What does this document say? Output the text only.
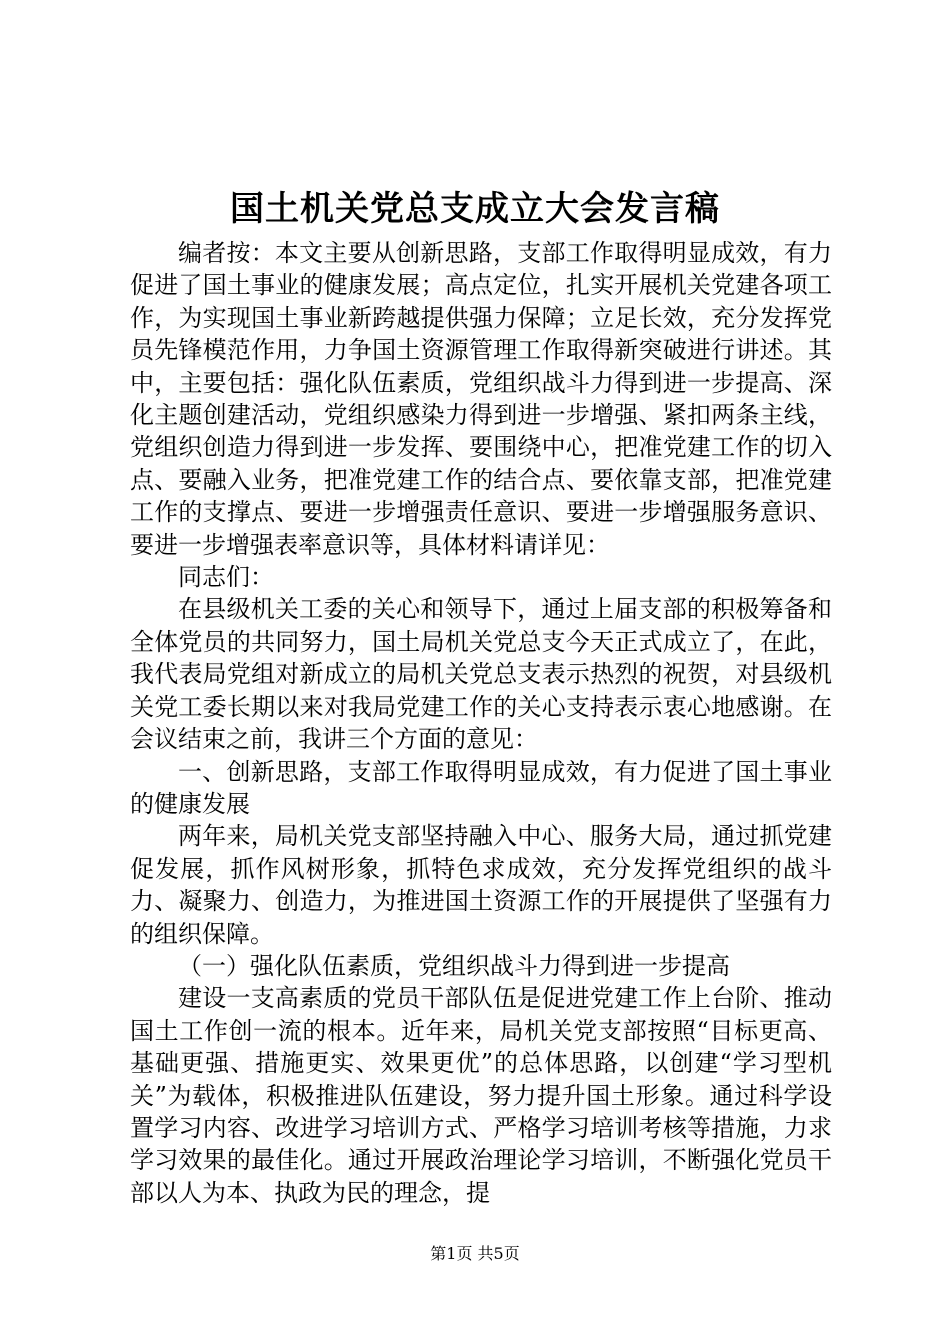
国土机关党总支成立大会发言稿

编者按：本文主要从创新思路，支部工作取得明显成效，有力促进了国土事业的健康发展；高点定位，扎实开展机关党建各项工作，为实现国土事业新跨越提供强力保障；立足长效，充分发挥党员先锋模范作用，力争国土资源管理工作取得新突破进行讲述。其中，主要包括：强化队伍素质，党组织战斗力得到进一步提高、深化主题创建活动，党组织感染力得到进一步增强、紧扣两条主线，党组织创造力得到进一步发挥、要围绕中心，把准党建工作的切入点、要融入业务，把准党建工作的结合点、要依靠支部，把准党建工作的支撑点、要进一步增强责任意识、要进一步增强服务意识、要进一步增强表率意识等，具体材料请详见：

同志们：

在县级机关工委的关心和领导下，通过上届支部的积极筹备和全体党员的共同努力，国土局机关党总支今天正式成立了，在此，我代表局党组对新成立的局机关党总支表示热烈的祝贺，对县级机关党工委长期以来对我局党建工作的关心支持表示衷心地感谢。在会议结束之前，我讲三个方面的意见：

一、创新思路，支部工作取得明显成效，有力促进了国土事业的健康发展

两年来，局机关党支部坚持融入中心、服务大局，通过抓党建促发展，抓作风树形象，抓特色求成效，充分发挥党组织的战斗力、凝聚力、创造力，为推进国土资源工作的开展提供了坚强有力的组织保障。

（一）强化队伍素质，党组织战斗力得到进一步提高

建设一支高素质的党员干部队伍是促进党建工作上台阶、推动国土工作创一流的根本。近年来，局机关党支部按照“目标更高、基础更强、措施更实、效果更优”的总体思路，以创建“学习型机关”为载体，积极推进队伍建设，努力提升国土形象。通过科学设置学习内容、改进学习培训方式、严格学习培训考核等措施，力求学习效果的最佳化。通过开展政治理论学习培训，不断强化党员干部以人为本、执政为民的理念，提

第1页 共5页
